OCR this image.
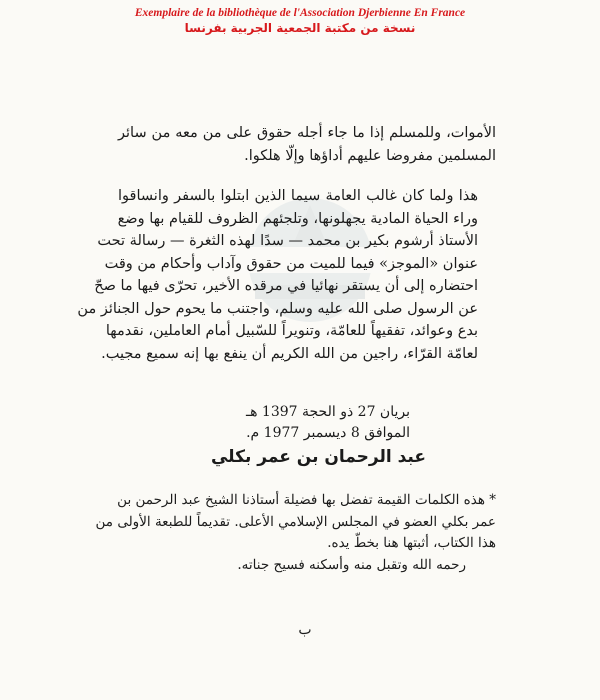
Exemplaire de la bibliothèque de l'Association Djerbienne En France
نسخة من مكتبة الجمعية الجربية بفرنسا
الأموات، وللمسلم إذا ما جاء أجله حقوق على من معه من سائر
المسلمين مفروضا عليهم أداؤها وإلّا هلكوا.
هذا ولما كان غالب العامة سيما الذين ابتلوا بالسفر وانساقوا
وراء الحياة المادية يجهلونها، وتلجئهم الظروف للقيام بها وضع
الأستاذ أرشوم بكير بن محمد — سدًا لهذه الثغرة — رسالة تحت
عنوان «الموجز» فيما للميت من حقوق وآداب وأحكام من وقت
احتضاره إلى أن يستقر نهائيا في مرقده الأخير، تحرّى فيها ما صحّ
عن الرسول صلى الله عليه وسلم، واجتنب ما يحوم حول الجنائز من
بدع وعوائد، تفقيهاً للعامّة، وتنويراً للسّبيل أمام العاملين، نقدمها
لعامّة القرّاء، راجين من الله الكريم أن ينفع بها إنه سميع مجيب.
بريان 27 ذو الحجة 1397 هـ
الموافق 8 ديسمبر 1977 م.
عبد الرحمان بن عمر بكلي
* هذه الكلمات القيمة تفضل بها فضيلة أستاذنا الشيخ عبد الرحمن بن
عمر بكلي العضو في المجلس الإسلامي الأعلى. تقديماً للطبعة الأولى من
هذا الكتاب، أثبتها هنا بخطّ يده.
رحمه الله وتقبل منه وأسكنه فسيح جناته.
ب
